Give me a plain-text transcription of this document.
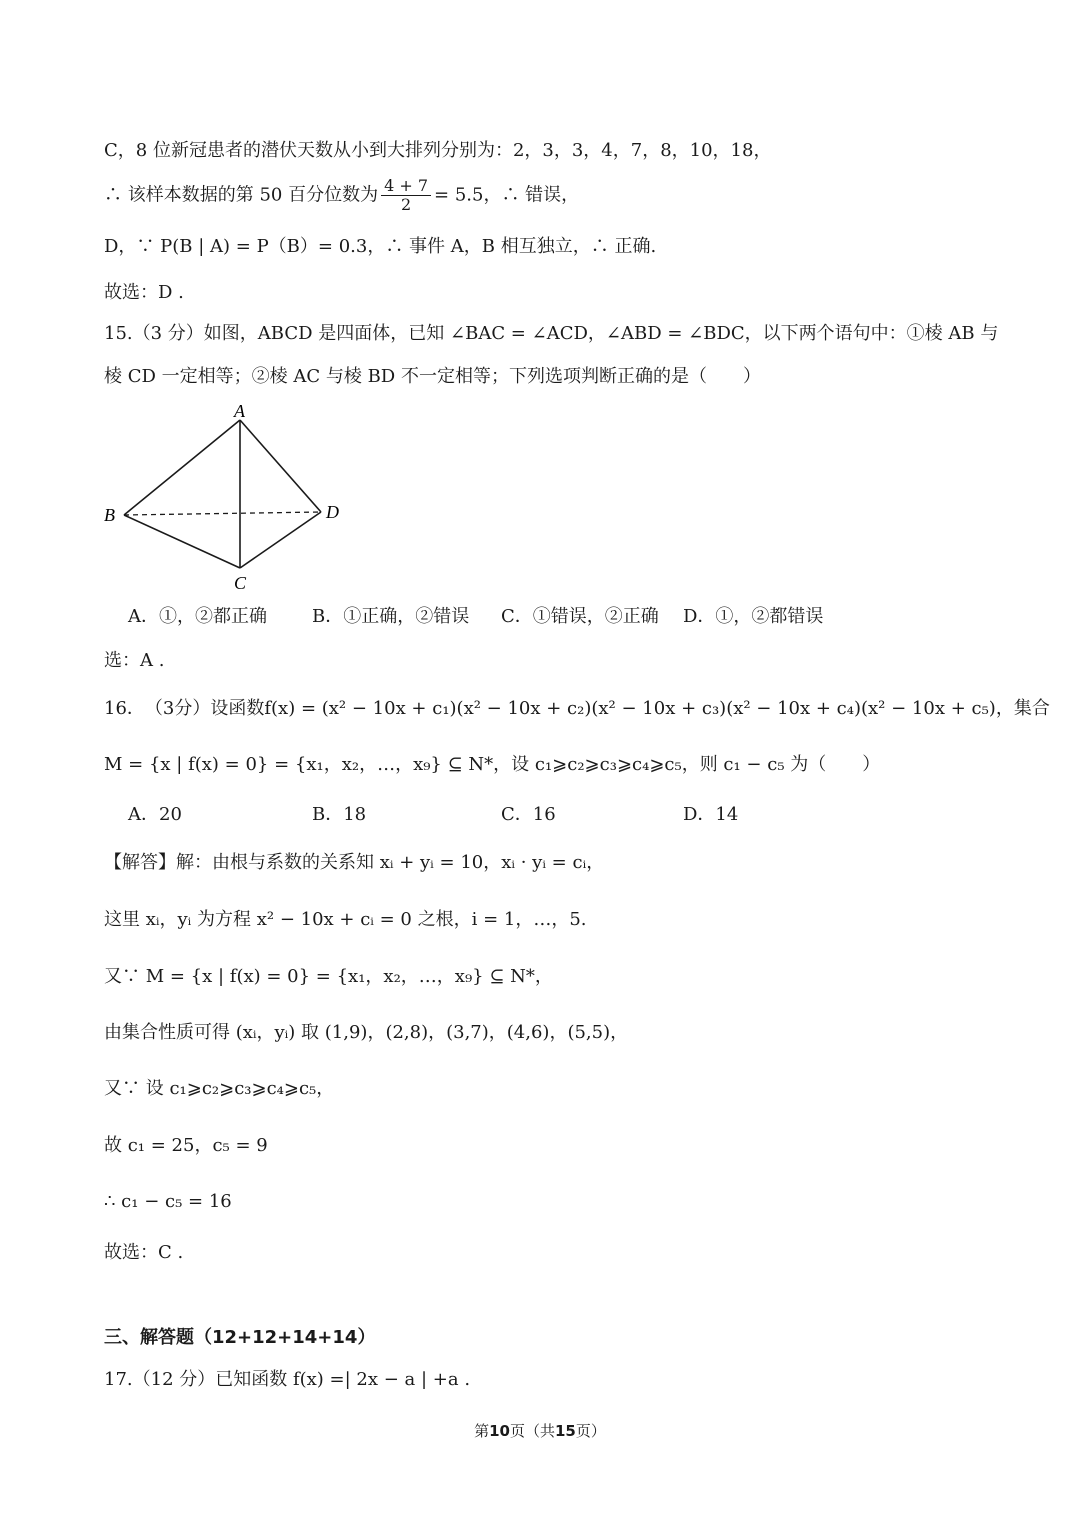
C，8 位新冠患者的潜伏天数从小到大排列分别为：2，3，3，4，7，8，10，18，
∴ 该样本数据的第 50 百分位数为 $\frac{4 + 7}{2} = 5.5$，∴ 错误，
D，∵ P(B | A) = P（B）= 0.3，∴ 事件 A，B 相互独立，∴ 正确.
故选：D .
15.（3 分）如图，ABCD 是四面体，已知 ∠BAC = ∠ACD，∠ABD = ∠BDC，以下两个语句中：①棱 AB 与
棱 CD 一定相等；②棱 AC 与棱 BD 不一定相等；下列选项判断正确的是（　　）
A
B
C
D
A．①，②都正确	B．①正确，②错误 C．①错误，②正确 D．①，②都错误
选：A .
16． （ 3 分 ） 设 函 数 f(x) = (x² − 10x + c₁)(x² − 10x + c₂)(x² − 10x + c₃)(x² − 10x + c₄)(x² − 10x + c₅) ， 集 合
M = {x | f(x) = 0} = {x₁，x₂，…，x₉} ⊆ N*，设 c₁⩾c₂⩾c₃⩾c₄⩾c₅，则 c₁ − c₅ 为（　　）
A．20	B．18	C．16	D．14
【解答】解：由根与系数的关系知 xᵢ + yᵢ = 10，xᵢ · yᵢ = cᵢ，
这里 xᵢ，yᵢ 为方程 x² − 10x + cᵢ = 0 之根，i = 1，…，5.
又∵ M = {x | f(x) = 0} = {x₁，x₂，…，x₉} ⊆ N*，
由集合性质可得 (xᵢ，yᵢ) 取 (1,9)，(2,8)，(3,7)，(4,6)，(5,5)，
又∵ 设 c₁⩾c₂⩾c₃⩾c₄⩾c₅，
故 c₁ = 25，c₅ = 9
∴ c₁ − c₅ = 16
故选：C .
三、解答题（12+12+14+14）
17.（12 分）已知函数 f(x) =| 2x − a | +a .
第10页（共15页）
